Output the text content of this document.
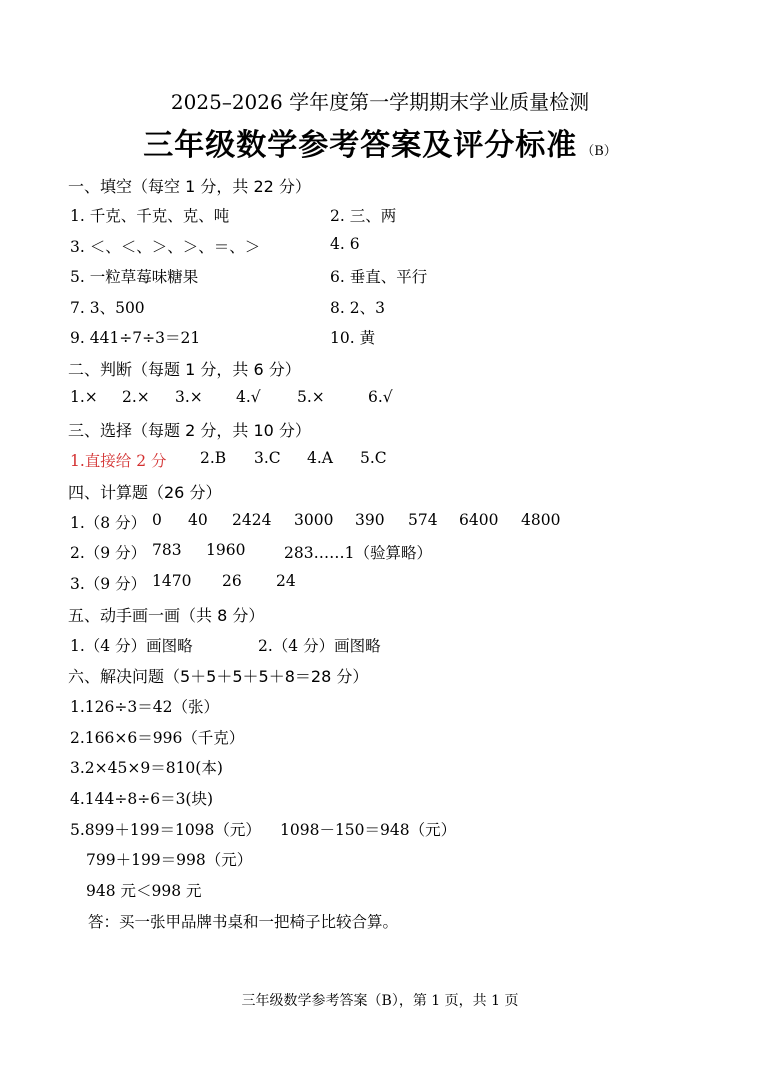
2025–2026 学年度第一学期期末学业质量检测
三年级数学参考答案及评分标准 （B）
一、填空（每空 1 分，共 22 分）
1. 千克、千克、克、吨	2. 三、两
3. ＜、＜、＞、＞、＝、＞	4. 6
5. 一粒草莓味糖果	6. 垂直、平行
7. 3、500	8. 2、3
9. 441÷7÷3＝21	10. 黄
二、判断（每题 1 分，共 6 分）
1.× 2.× 3.× 4.√ 5.×	6.√
三、选择（每题 2 分，共 10 分）
1.直接给 2 分 2.B 3.C 4.A 5.C
四、计算题（26 分）
1.（8 分） 0 40 2424 3000 390 574 6400 4800
2.（9 分） 783 1960 283……1（验算略）
3.（9 分） 1470 26 24
五、动手画一画（共 8 分）
1.（4 分）画图略	2.（4 分）画图略
六、解决问题（5＋5＋5＋5＋8＝28 分）
1.126÷3＝42（张）
2.166×6＝996（千克）
3.2×45×9＝810(本)
4.144÷8÷6＝3(块)
5.899＋199＝1098（元） 1098－150＝948（元）
799＋199＝998（元）
948 元＜998 元
答：买一张甲品牌书桌和一把椅子比较合算。
三年级数学参考答案（B），第 1 页，共 1 页
